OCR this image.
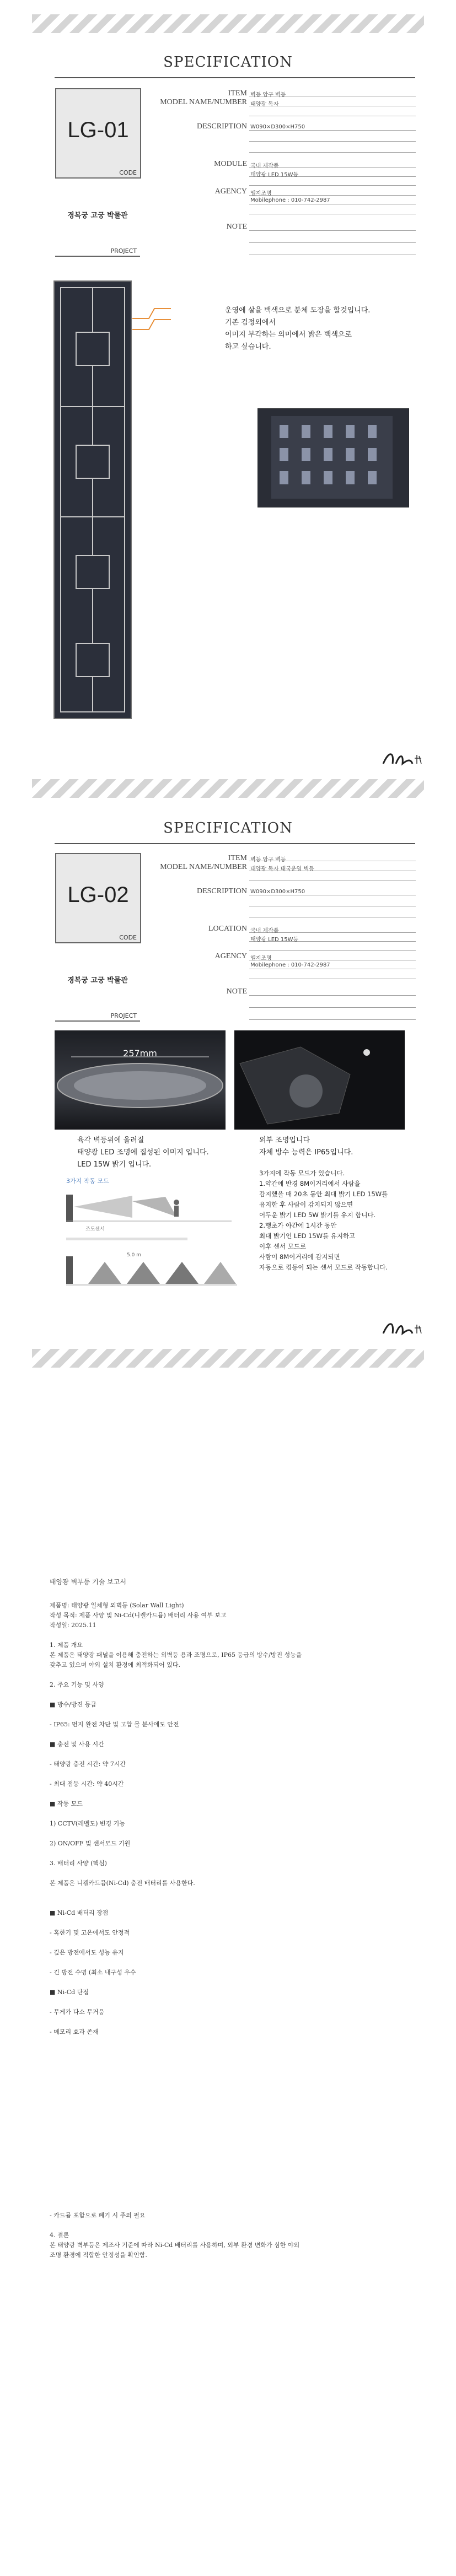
SPECIFICATION
LG-01
CODE
경복궁 고궁 박물관
PROJECT
ITEM 벽등 암구 벽등
MODEL NAME/NUMBER 태양광 독자
DESCRIPTION W090×D300×H750
MODULE 국내 제작품
태양광 LED 15W등
AGENCY 엘지조명
Mobilephone : 010-742-2987
NOTE
운영에 살을 백색으로 분체 도장을 할것입니다.
기존 검정외에서
이미지 부각하는 의미에서 밝은 백색으로
하고 싶습니다.
SPECIFICATION
LG-02
CODE
경복궁 고궁 박물관
PROJECT
ITEM 벽등 암구 벽등
MODEL NAME/NUMBER 태양광 독자 태국운영 벽등
DESCRIPTION W090×D300×H750
LOCATION 국내 제작품
태양광 LED 15W등
AGENCY 엘지조명
Mobilephone : 010-742-2987
NOTE
257mm
육각 벽등위에 올려질
태양광 LED 조명에 집성된 이미지 입니다.
LED 15W 밝기 입니다.
외부 조명입니다
자체 방수 능력은 IP65입니다.
3가지 작동 모드
조도센서
5.0 m
3가지에 작동 모드가 있습니다.
1.약간에 반경 8M이거리에서 사람을
감지했을 때 20초 동안 최대 밝기 LED 15W를
유지한 후 사람이 감지되지 않으면
어두운 밝기 LED 5W 밝기를 유지 합니다.
2.행초가 야간에 1시간 동안
최대 밝기인 LED 15W를 유지하고
이후 센서 모드로
사람이 8M이거리에 감지되면
자동으로 켬등이 되는 센서 모드로 작동합니다.
태양광 벽부등 기술 보고서
제품명: 태양광 일체형 외벽등 (Solar Wall Light)
작성 목적: 제품 사양 및 Ni-Cd(니켈카드뮴) 배터리 사용 여부 보고
작성일: 2025.11
1. 제품 개요
본 제품은 태양광 패널을 이용해 충전하는 외벽등 용과 조명으로, IP65 등급의 방수/방진 성능을
갖추고 있으며 야외 설치 환경에 최적화되어 있다.
2. 주요 기능 및 사양
■ 방수/방진 등급
- IP65: 먼지 완전 차단 및 고압 물 분사에도 안전
■ 충전 및 사용 시간
- 태양광 충전 시간: 약 7시간
- 최대 점등 시간: 약 40시간
■ 작동 모드
1) CCTV(레벨도) 변경 기능
2) ON/OFF 및 센서모드 기원
3. 배터리 사양 (핵심)
본 제품은 니켈카드뮴(Ni-Cd) 충전 배터리를 사용한다.
■ Ni-Cd 배터리 장점
- 혹한기 및 고온에서도 안정적
- 깊은 방전에서도 성능 유지
- 긴 방전 수명 (최소 내구성 우수
■ Ni-Cd 단점
- 무게가 다소 무거움
- 메모리 효과 존재
- 카드뮴 포함으로 폐기 시 주의 필요
4. 결론
본 태양광 벽부등은 제조사 기준에 따라 Ni-Cd 배터리를 사용하며, 외부 환경 변화가 심한 야외
조명 환경에 적합한 안정성을 확인함.
